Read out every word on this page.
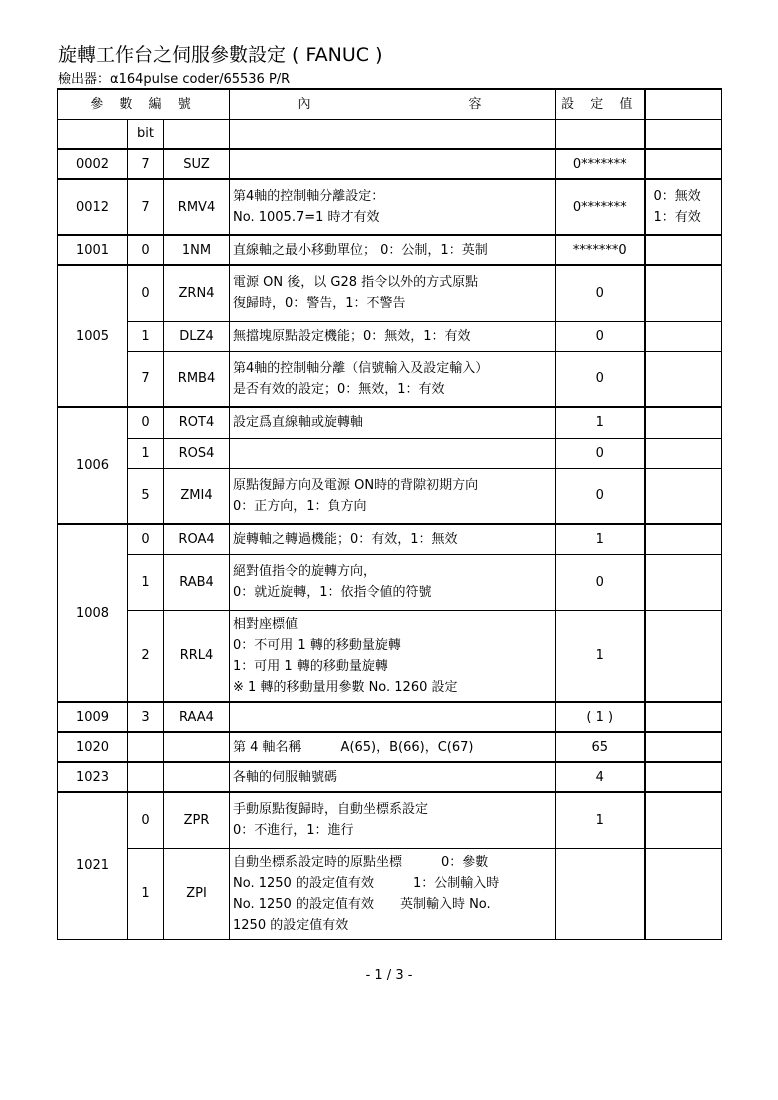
旋轉工作台之伺服參數設定 ( FANUC )
檢出器：α164pulse coder/65536 P/R
參 數 編 號			內　　　　　　　　容	設 定 值	
	bit				
0002	7	SUZ		0*******	
0012	7	RMV4	第4軸的控制軸分離設定：
No. 1005.7=1 時才有效	0*******	0：無效
1：有效
1001	0	1NM	直線軸之最小移動單位； 0：公制，1：英制	*******0	
1005	0	ZRN4	電源 ON 後，以 G28 指令以外的方式原點
復歸時，0：警告，1：不警告	0	
	1	DLZ4	無擋塊原點設定機能；0：無效，1：有效	0	
	7	RMB4	第4軸的控制軸分離（信號輸入及設定輸入）
是否有效的設定；0：無效，1：有效	0	
1006	0	ROT4	設定爲直線軸或旋轉軸	1	
	1	ROS4		0	
	5	ZMI4	原點復歸方向及電源 ON時的背隙初期方向
0：正方向，1：負方向	0	
1008	0	ROA4	旋轉軸之轉過機能；0：有效，1：無效	1	
	1	RAB4	絕對值指令的旋轉方向，
0：就近旋轉，1：依指令値的符號	0	
	2	RRL4	相對座標値
0：不可用 1 轉的移動量旋轉
1：可用 1 轉的移動量旋轉
※ 1 轉的移動量用參數 No. 1260 設定	1	
1009	3	RAA4		( 1 )	
1020			第 4 軸名稱　　　A(65)，B(66)，C(67)	65	
1023			各軸的伺服軸號碼	4	
1021	0	ZPR	手動原點復歸時，自動坐標系設定
0：不進行，1：進行	1	
	1	ZPI	自動坐標系設定時的原點坐標　　　0：參數
No. 1250 的設定值有效　　　1：公制輸入時
No. 1250 的設定值有效　　英制輸入時 No.
1250 的設定值有效		
- 1 / 3 -
